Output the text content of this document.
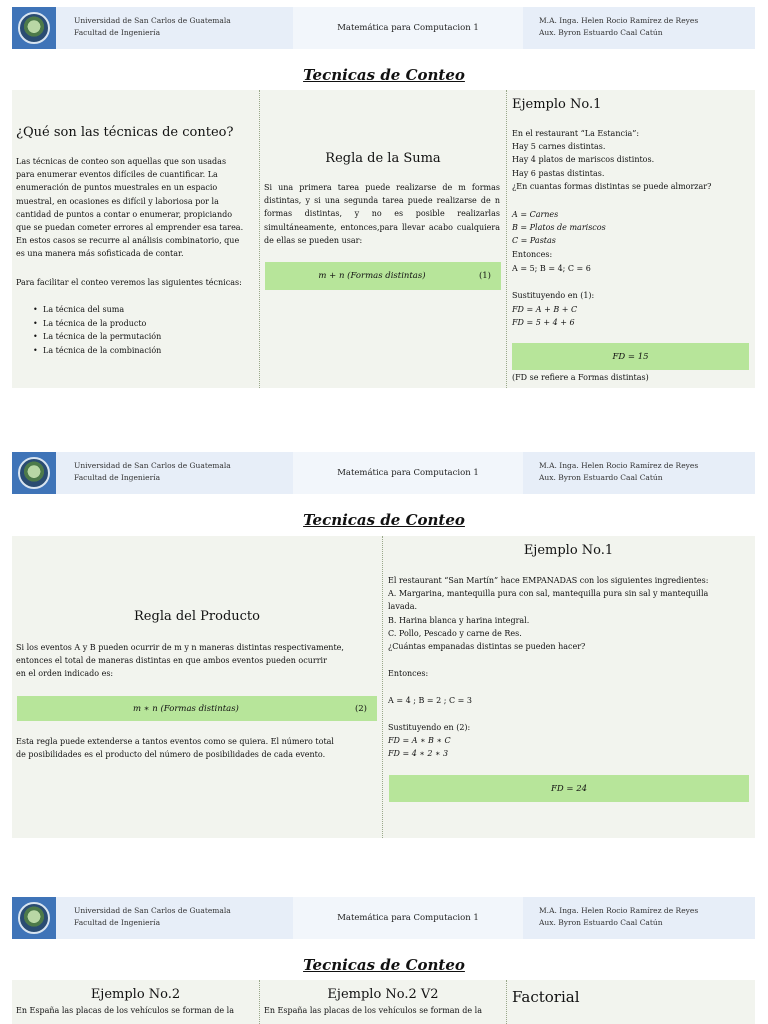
Universidad de San Carlos de Guatemala
Facultad de Ingeniería	Matemática para Computacion 1
M.A. Inga. Helen Rocio Ramírez de Reyes
Aux. Byron Estuardo Caal Catún
Tecnicas de Conteo
¿Qué son las técnicas de conteo?
Las técnicas de conteo son aquellas que son usadas para enumerar eventos difíciles de cuantificar. La enumeración de puntos muestrales en un espacio muestral, en ocasiones es difícil y laboriosa por la cantidad de puntos a contar o enumerar, propiciando que se puedan cometer errores al emprender esa tarea. En estos casos se recurre al análisis combinatorio, que es una manera más sofisticada de contar.
Para facilitar el conteo veremos las siguientes técnicas:
• La técnica del suma
• La técnica de la producto
• La técnica de la permutación
• La técnica de la combinación
Regla de la Suma
Si una primera tarea puede realizarse de m formas distintas, y si una segunda tarea puede realizarse de n formas distintas, y no es posible realizarlas simultáneamente, entonces,para llevar acabo cualquiera de ellas se pueden usar:
m + n (Formas distintas)	(1)
Ejemplo No.1
En el restaurant “La Estancia”:
Hay 5 carnes distintas.
Hay 4 platos de mariscos distintos.
Hay 6 pastas distintas.
¿En cuantas formas distintas se puede almorzar?
A = Carnes
B = Platos de mariscos
C = Pastas
Entonces:
A = 5; B = 4; C = 6
Sustituyendo en (1):
FD = A + B + C
FD = 5 + 4 + 6
FD = 15
(FD se refiere a Formas distintas)
Universidad de San Carlos de Guatemala
Facultad de Ingeniería	Matemática para Computacion 1
M.A. Inga. Helen Rocio Ramírez de Reyes
Aux. Byron Estuardo Caal Catún
Tecnicas de Conteo
Regla del Producto
Si los eventos A y B pueden ocurrir de m y n maneras distintas respectivamente,
entonces el total de maneras distintas en que ambos eventos pueden ocurrir
en el orden indicado es:
m ∗ n (Formas distintas)	(2)
Esta regla puede extenderse a tantos eventos como se quiera. El número total
de posibilidades es el producto del número de posibilidades de cada evento.
Ejemplo No.1
El restaurant “San Martín” hace EMPANADAS con los siguientes ingredientes:
A. Margarina, mantequilla pura con sal, mantequilla pura sin sal y mantequilla
lavada.
B. Harina blanca y harina integral.
C. Pollo, Pescado y carne de Res.
¿Cuántas empanadas distintas se pueden hacer?
Entonces:
A = 4 ; B = 2 ; C = 3
Sustituyendo en (2):
FD = A ∗ B ∗ C
FD = 4 ∗ 2 ∗ 3
FD = 24
Universidad de San Carlos de Guatemala
Facultad de Ingeniería	Matemática para Computacion 1
M.A. Inga. Helen Rocio Ramírez de Reyes
Aux. Byron Estuardo Caal Catún
Tecnicas de Conteo
Ejemplo No.2
En España las placas de los vehículos se forman de la
Ejemplo No.2 V2
En España las placas de los vehículos se forman de la
Factorial
